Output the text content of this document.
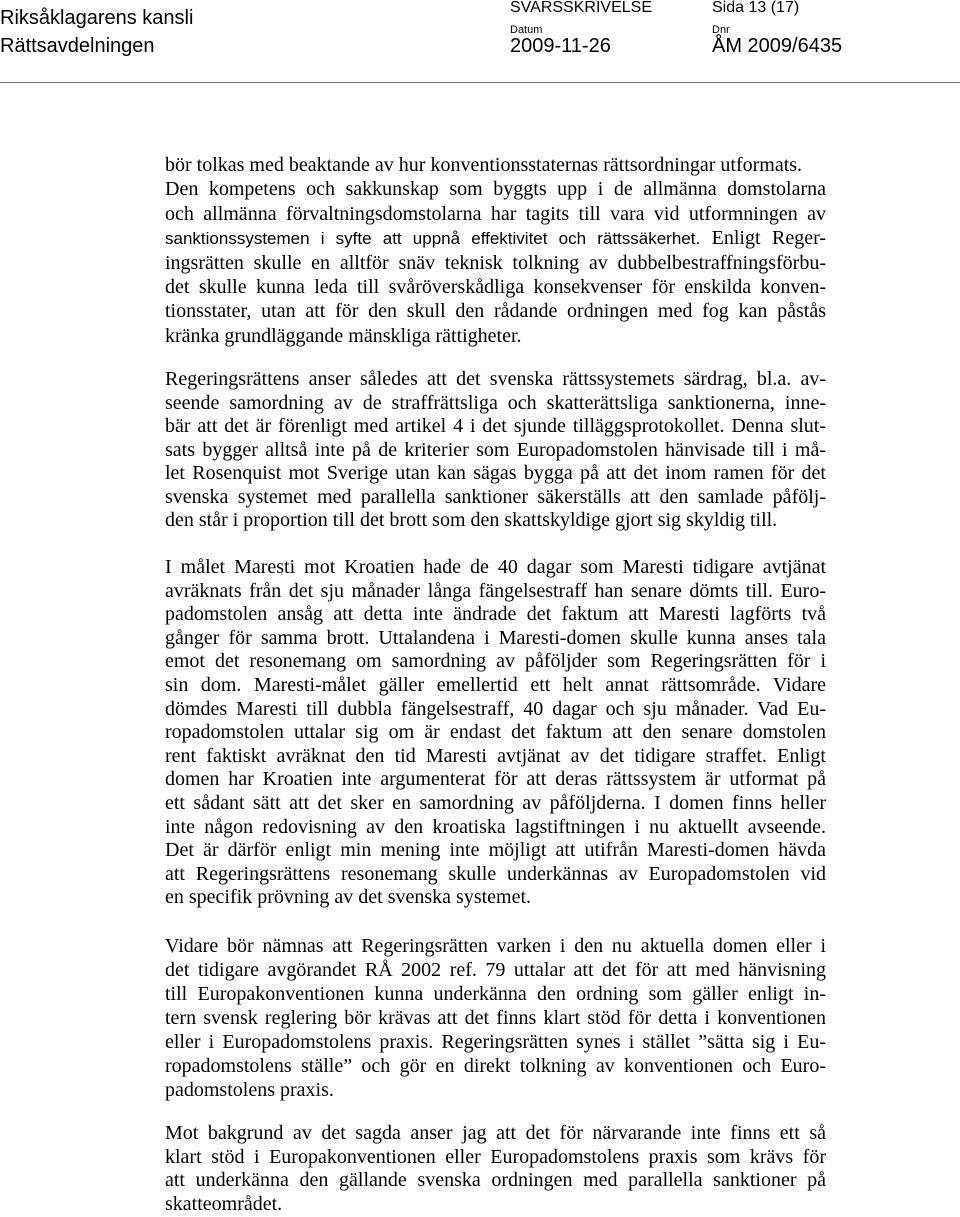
Riksåklagarens kansli
Rättsavdelningen
SVARSSKRIVELSE	Sida 13 (17)
Datum	Dnr
2009-11-26	ÅM 2009/6435
bör tolkas med beaktande av hur konventionsstaternas rättsordningar utformats.
Den kompetens och sakkunskap som byggts upp i de allmänna domstolarna
och allmänna förvaltningsdomstolarna har tagits till vara vid utformningen av
sanktionssystemen i syfte att uppnå effektivitet och rättssäkerhet. Enligt Reger-
ingsrätten skulle en alltför snäv teknisk tolkning av dubbelbestraffningsförbu-
det skulle kunna leda till svåröverskådliga konsekvenser för enskilda konven-
tionsstater, utan att för den skull den rådande ordningen med fog kan påstås
kränka grundläggande mänskliga rättigheter.
Regeringsrättens anser således att det svenska rättssystemets särdrag, bl.a. av-
seende samordning av de straffrättsliga och skatterättsliga sanktionerna, inne-
bär att det är förenligt med artikel 4 i det sjunde tilläggsprotokollet. Denna slut-
sats bygger alltså inte på de kriterier som Europadomstolen hänvisade till i må-
let Rosenquist mot Sverige utan kan sägas bygga på att det inom ramen för det
svenska systemet med parallella sanktioner säkerställs att den samlade påfölj-
den står i proportion till det brott som den skattskyldige gjort sig skyldig till.
I målet Maresti mot Kroatien hade de 40 dagar som Maresti tidigare avtjänat
avräknats från det sju månader långa fängelsestraff han senare dömts till. Euro-
padomstolen ansåg att detta inte ändrade det faktum att Maresti lagförts två
gånger för samma brott. Uttalandena i Maresti-domen skulle kunna anses tala
emot det resonemang om samordning av påföljder som Regeringsrätten för i
sin dom. Maresti-målet gäller emellertid ett helt annat rättsområde. Vidare
dömdes Maresti till dubbla fängelsestraff, 40 dagar och sju månader. Vad Eu-
ropadomstolen uttalar sig om är endast det faktum att den senare domstolen
rent faktiskt avräknat den tid Maresti avtjänat av det tidigare straffet. Enligt
domen har Kroatien inte argumenterat för att deras rättssystem är utformat på
ett sådant sätt att det sker en samordning av påföljderna. I domen finns heller
inte någon redovisning av den kroatiska lagstiftningen i nu aktuellt avseende.
Det är därför enligt min mening inte möjligt att utifrån Maresti-domen hävda
att Regeringsrättens resonemang skulle underkännas av Europadomstolen vid
en specifik prövning av det svenska systemet.
Vidare bör nämnas att Regeringsrätten varken i den nu aktuella domen eller i
det tidigare avgörandet RÅ 2002 ref. 79 uttalar att det för att med hänvisning
till Europakonventionen kunna underkänna den ordning som gäller enligt in-
tern svensk reglering bör krävas att det finns klart stöd för detta i konventionen
eller i Europadomstolens praxis. Regeringsrätten synes i stället ”sätta sig i Eu-
ropadomstolens ställe” och gör en direkt tolkning av konventionen och Euro-
padomstolens praxis.
Mot bakgrund av det sagda anser jag att det för närvarande inte finns ett så
klart stöd i Europakonventionen eller Europadomstolens praxis som krävs för
att underkänna den gällande svenska ordningen med parallella sanktioner på
skatteområdet.
